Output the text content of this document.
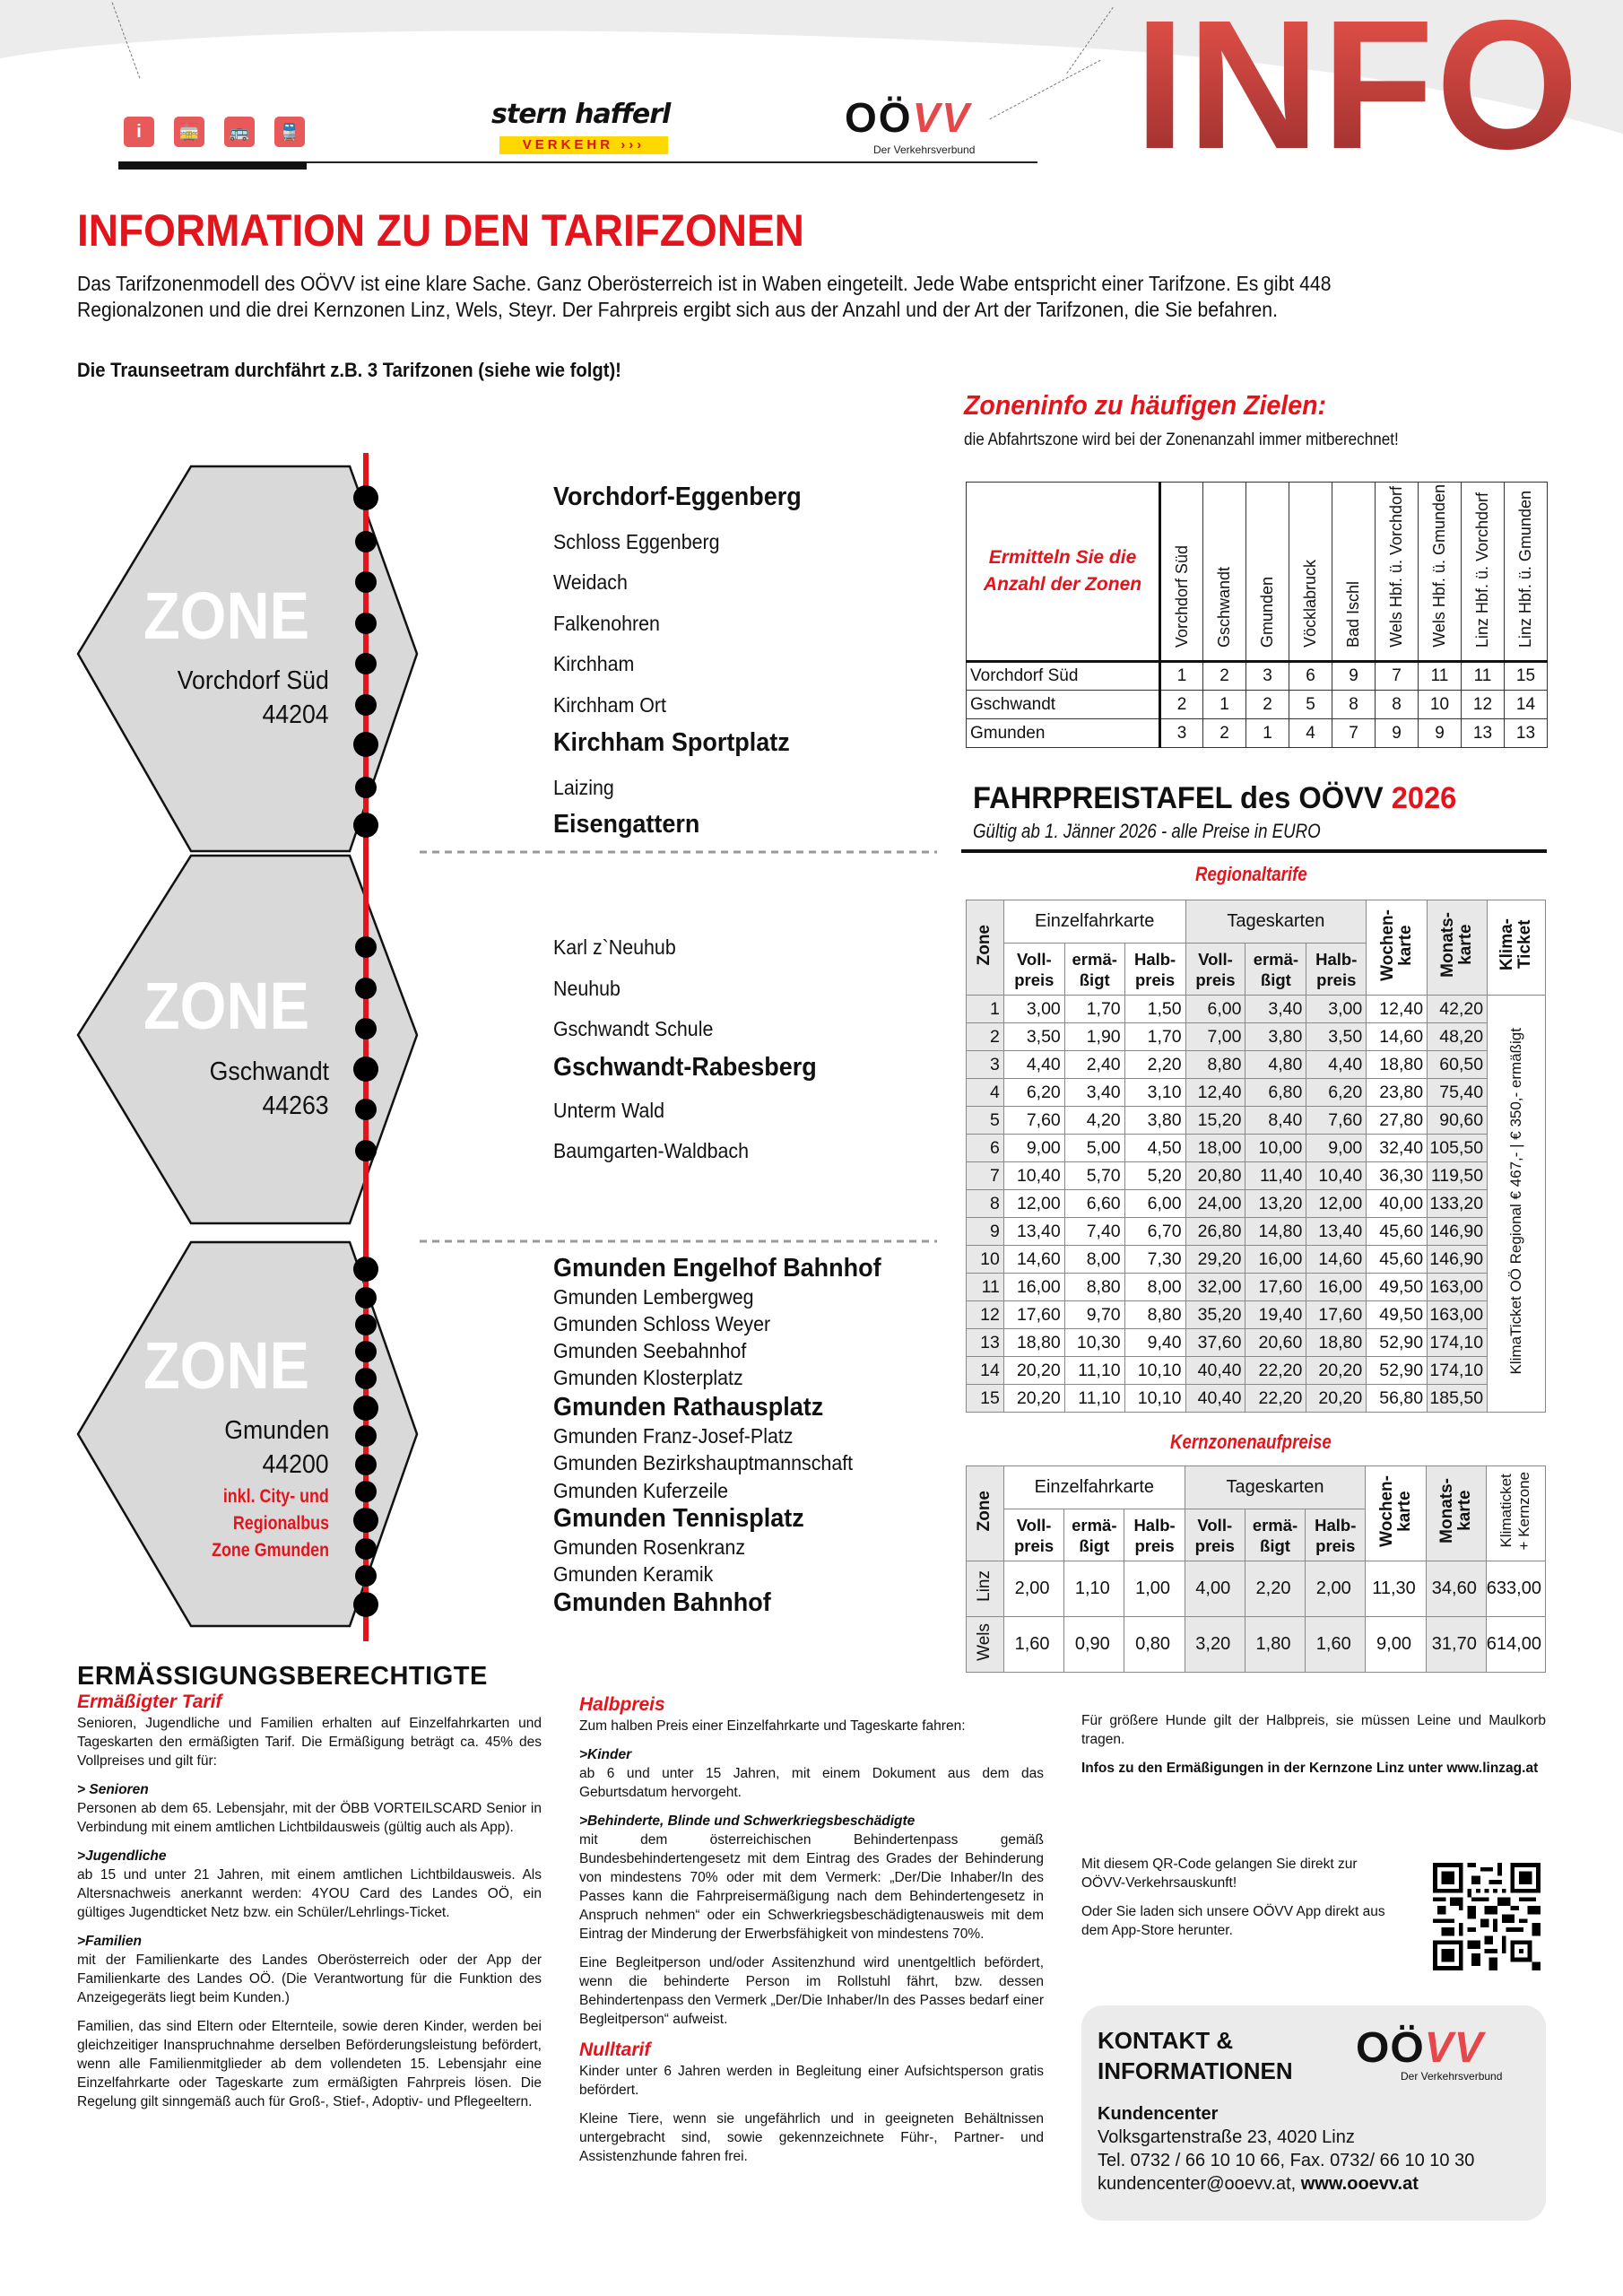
INFO
i	🚋	🚌	🚆
stern hafferl
VERKEHR ›››
OÖVV
Der Verkehrsverbund
INFORMATION ZU DEN TARIFZONEN
Das Tarifzonenmodell des OÖVV ist eine klare Sache. Ganz Oberösterreich ist in Waben eingeteilt. Jede Wabe entspricht einer Tarifzone. Es gibt 448 Regionalzonen und die drei Kernzonen Linz, Wels, Steyr. Der Fahrpreis ergibt sich aus der Anzahl und der Art der Tarifzonen, die Sie befahren.
Die Traunseetram durchfährt z.B. 3 Tarifzonen (siehe wie folgt)!
ZONE
Vorchdorf Süd
44204
ZONE
Gschwandt
44263
ZONE
Gmunden
44200
inkl. City- und
Regionalbus
Zone Gmunden
Vorchdorf-Eggenberg
Schloss Eggenberg
Weidach
Falkenohren
Kirchham
Kirchham Ort
Kirchham Sportplatz
Laizing
Eisengattern
Karl z`Neuhub
Neuhub
Gschwandt Schule
Gschwandt-Rabesberg
Unterm Wald
Baumgarten-Waldbach
Gmunden Engelhof Bahnhof
Gmunden Lembergweg
Gmunden Schloss Weyer
Gmunden Seebahnhof
Gmunden Klosterplatz
Gmunden Rathausplatz
Gmunden Franz-Josef-Platz
Gmunden Bezirkshauptmannschaft
Gmunden Kuferzeile
Gmunden Tennisplatz
Gmunden Rosenkranz
Gmunden Keramik
Gmunden Bahnhof
Zoneninfo zu häufigen Zielen:
die Abfahrtszone wird bei der Zonenanzahl immer mitberechnet!
Ermitteln Sie die
Anzahl der Zonen	Vorchdorf Süd	Gschwandt	Gmunden	Vöcklabruck	Bad Ischl	Wels Hbf. ü. Vorchdorf	Wels Hbf. ü. Gmunden	Linz Hbf. ü. Vorchdorf	Linz Hbf. ü. Gmunden
Vorchdorf Süd	1	2	3	6	9	7	11	11	15
Gschwandt	2	1	2	5	8	8	10	12	14
Gmunden	3	2	1	4	7	9	9	13	13
FAHRPREISTAFEL des OÖVV 2026
Gültig ab 1. Jänner 2026 - alle Preise in EURO
Regionaltarife
Zone	Einzelfahrkarte			Tageskarten			Wochen-
karte	Monats-
karte	Klima-
Ticket
	Voll-
preis	ermä-
ßigt	Halb-
preis	Voll-
preis	ermä-
ßigt	Halb-
preis			
1	3,00	1,70	1,50	6,00	3,40	3,00	12,40	42,20	KlimaTicket OÖ Regional € 467,- | € 350,- ermäßigt
2	3,50	1,90	1,70	7,00	3,80	3,50	14,60	48,20	
3	4,40	2,40	2,20	8,80	4,80	4,40	18,80	60,50	
4	6,20	3,40	3,10	12,40	6,80	6,20	23,80	75,40	
5	7,60	4,20	3,80	15,20	8,40	7,60	27,80	90,60	
6	9,00	5,00	4,50	18,00	10,00	9,00	32,40	105,50	
7	10,40	5,70	5,20	20,80	11,40	10,40	36,30	119,50	
8	12,00	6,60	6,00	24,00	13,20	12,00	40,00	133,20	
9	13,40	7,40	6,70	26,80	14,80	13,40	45,60	146,90	
10	14,60	8,00	7,30	29,20	16,00	14,60	45,60	146,90	
11	16,00	8,80	8,00	32,00	17,60	16,00	49,50	163,00	
12	17,60	9,70	8,80	35,20	19,40	17,60	49,50	163,00	
13	18,80	10,30	9,40	37,60	20,60	18,80	52,90	174,10	
14	20,20	11,10	10,10	40,40	22,20	20,20	52,90	174,10	
15	20,20	11,10	10,10	40,40	22,20	20,20	56,80	185,50	
Kernzonenaufpreise
Zone	Einzelfahrkarte			Tageskarten			Wochen-
karte	Monats-
karte	Klimaticket
+ Kernzone
	Voll-
preis	ermä-
ßigt	Halb-
preis	Voll-
preis	ermä-
ßigt	Halb-
preis			
Linz	2,00	1,10	1,00	4,00	2,20	2,00	11,30	34,60	633,00
Wels	1,60	0,90	0,80	3,20	1,80	1,60	9,00	31,70	614,00

ERMÄSSIGUNGSBERECHTIGTE

Ermäßigter Tarif

Senioren, Jugendliche und Familien erhalten auf Einzelfahrkarten und Tageskarten den ermäßigten Tarif. Die Ermäßigung beträgt ca. 45% des Vollpreises und gilt für:

> Senioren

Personen ab dem 65. Lebensjahr, mit der ÖBB VORTEILSCARD Senior in Verbindung mit einem amtlichen Lichtbildausweis (gültig auch als App).

>Jugendliche

ab 15 und unter 21 Jahren, mit einem amtlichen Lichtbildausweis. Als Altersnachweis anerkannt werden: 4YOU Card des Landes OÖ, ein gültiges Jugendticket Netz bzw. ein Schüler/Lehrlings-Ticket.

>Familien

mit der Familienkarte des Landes Oberösterreich oder der App der Familienkarte des Landes OÖ. (Die Verantwortung für die Funktion des Anzeigegeräts liegt beim Kunden.)

Familien, das sind Eltern oder Elternteile, sowie deren Kinder, werden bei gleichzeitiger Inanspruchnahme derselben Beförderungsleistung befördert, wenn alle Familienmitglieder ab dem vollendeten 15. Lebensjahr eine Einzelfahrkarte oder Tageskarte zum ermäßigten Fahrpreis lösen. Die Regelung gilt sinngemäß auch für Groß-, Stief-, Adoptiv- und Pflegeeltern.

Halbpreis

Zum halben Preis einer Einzelfahrkarte und Tageskarte fahren:

>Kinder

ab 6 und unter 15 Jahren, mit einem Dokument aus dem das Geburtsdatum hervorgeht.

>Behinderte, Blinde und Schwerkriegsbeschädigte

mit dem österreichischen Behindertenpass gemäß Bundesbehindertengesetz mit dem Eintrag des Grades der Behinderung von mindestens 70% oder mit dem Vermerk: „Der/Die Inhaber/In des Passes kann die Fahrpreisermäßigung nach dem Behindertengesetz in Anspruch nehmen“ oder ein Schwerkriegsbeschädigtenausweis mit dem Eintrag der Minderung der Erwerbsfähigkeit von mindestens 70%.

Eine Begleitperson und/oder Assitenzhund wird unentgeltlich befördert, wenn die behinderte Person im Rollstuhl fährt, bzw. dessen Behindertenpass den Vermerk „Der/Die Inhaber/In des Passes bedarf einer Begleitperson“ aufweist.

Nulltarif

Kinder unter 6 Jahren werden in Begleitung einer Aufsichtsperson gratis befördert.

Kleine Tiere, wenn sie ungefährlich und in geeigneten Behältnissen untergebracht sind, sowie gekennzeichnete Führ-, Partner- und Assistenzhunde fahren frei.

Für größere Hunde gilt der Halbpreis, sie müssen Leine und Maulkorb tragen.

Infos zu den Ermäßigungen in der Kernzone Linz unter www.linzag.at

Mit diesem QR-Code gelangen Sie direkt zur OÖVV-Verkehrsauskunft!

Oder Sie laden sich unsere OÖVV App direkt aus dem App-Store herunter.

KONTAKT &
INFORMATIONEN OÖVV
Der Verkehrsverbund
Kundencenter
Volksgartenstraße 23, 4020 Linz
Tel. 0732 / 66 10 10 66, Fax. 0732/ 66 10 10 30
kundencenter@ooevv.at, www.ooevv.at
